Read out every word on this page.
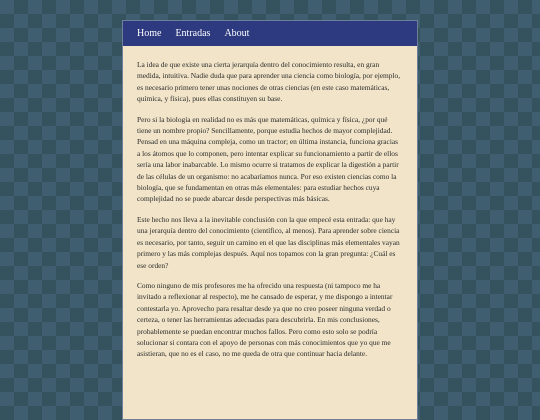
Home Entradas About

La idea de que existe una cierta jerarquía dentro del conocimiento resulta, en gran medida, intuitiva. Nadie duda que para aprender una ciencia como biología, por ejemplo, es necesario primero tener unas nociones de otras ciencias (en este caso matemáticas, química, y física), pues ellas constituyen su base.

Pero si la biología en realidad no es más que matemáticas, química y física, ¿por qué tiene un nombre propio? Sencillamente, porque estudia hechos de mayor complejidad. Pensad en una máquina compleja, como un tractor; en última instancia, funciona gracias a los átomos que lo componen, pero intentar explicar su funcionamiento a partir de ellos sería una labor inabarcable. Lo mismo ocurre si tratamos de explicar la digestión a partir de las células de un organismo: no acabaríamos nunca. Por eso existen ciencias como la biología, que se fundamentan en otras más elementales: para estudiar hechos cuya complejidad no se puede abarcar desde perspectivas más básicas.

Este hecho nos lleva a la inevitable conclusión con la que empecé esta entrada: que hay una jerarquía dentro del conocimiento (científico, al menos). Para aprender sobre ciencia es necesario, por tanto, seguir un camino en el que las disciplinas más elementales vayan primero y las más complejas después. Aquí nos topamos con la gran pregunta: ¿Cuál es ese orden?

Como ninguno de mis profesores me ha ofrecido una respuesta (ni tampoco me ha invitado a reflexionar al respecto), me he cansado de esperar, y me dispongo a intentar contestarla yo. Aprovecho para resaltar desde ya que no creo poseer ninguna verdad o certeza, o tener las herramientas adecuadas para descubrirla. En mis conclusiones, probablemente se puedan encontrar muchos fallos. Pero como esto solo se podría solucionar si contara con el apoyo de personas con más conocimientos que yo que me asistieran, que no es el caso, no me queda de otra que continuar hacia delante.
